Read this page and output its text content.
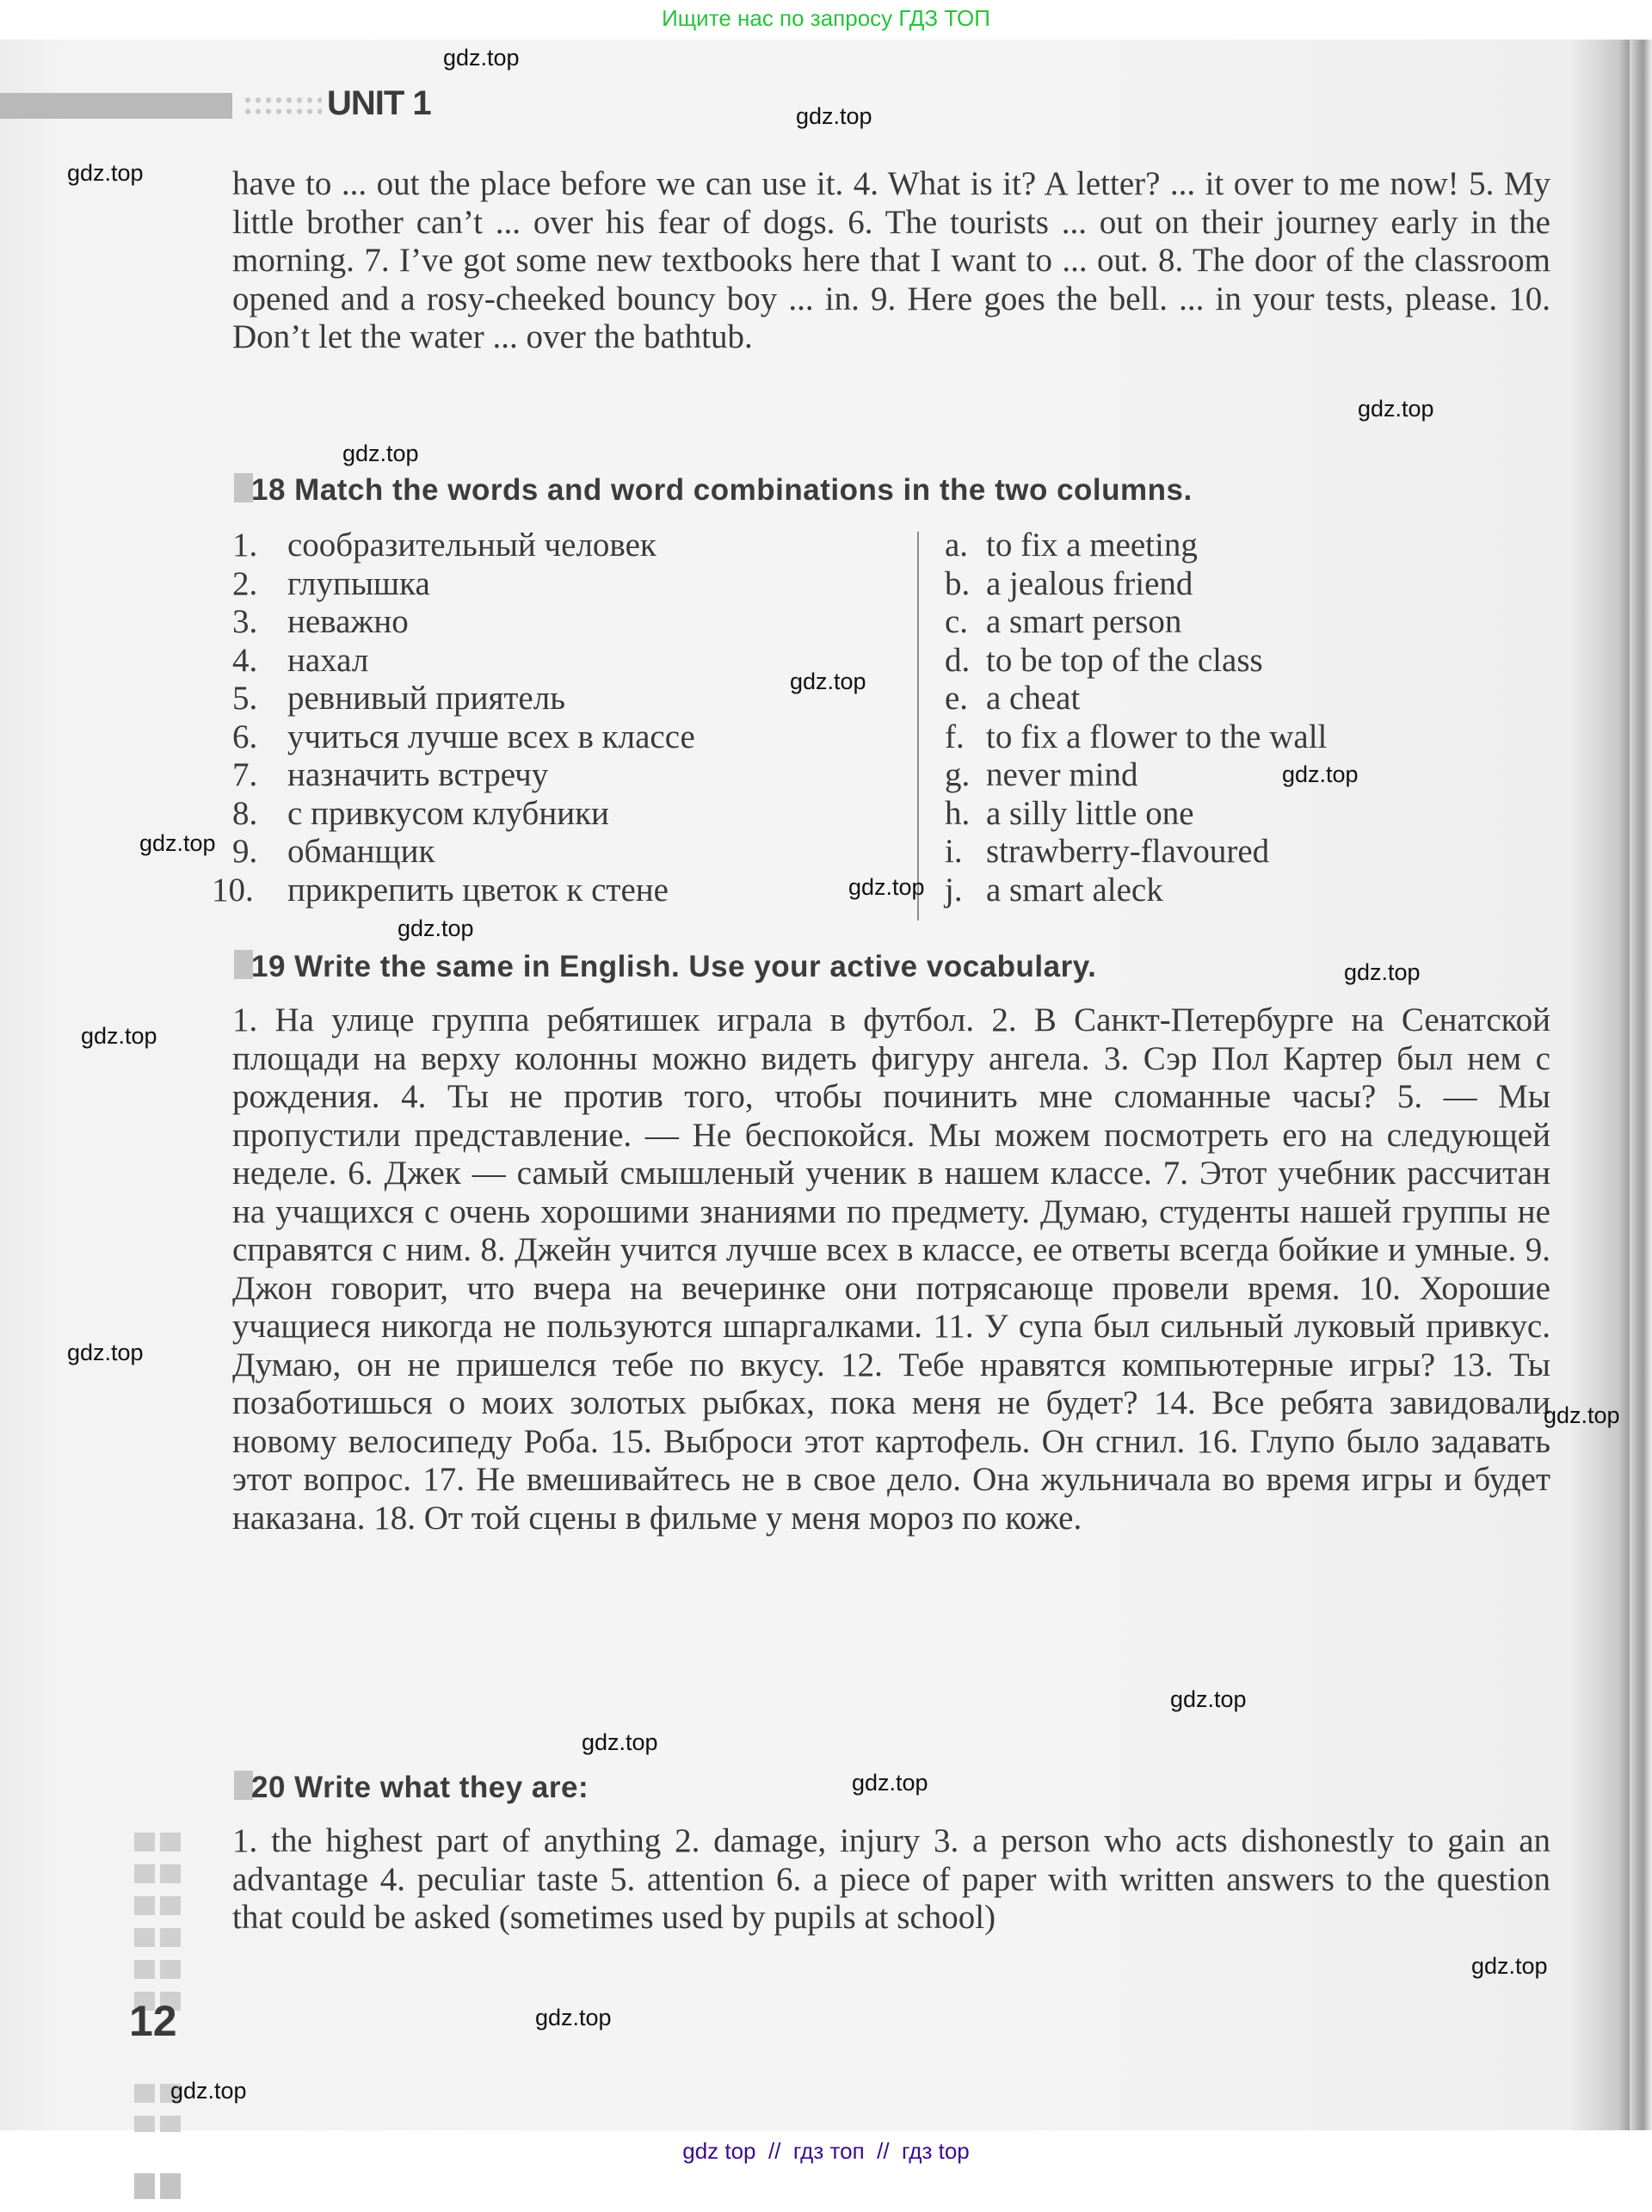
Ищите нас по запросу ГДЗ ТОП
UNIT 1
have to ... out the place before we can use it. 4. What is it? A letter? ... it over to me now! 5. My little brother can’t ... over his fear of dogs. 6. The tourists ... out on their journey early in the morning. 7. I’ve got some new textbooks here that I want to ... out. 8. The door of the classroom opened and a rosy-cheeked bouncy boy ... in. 9. Here goes the bell. ... in your tests, please. 10. Don’t let the water ... over the bathtub.
18 Match the words and word combinations in the two columns.
1. сообразительный человек
2. глупышка
3. неважно
4. нахал
5. ревнивый приятель
6. учиться лучше всех в классе
7. назначить встречу
8. с привкусом клубники
9. обманщик
10. прикрепить цветок к стене
a. to fix a meeting
b. a jealous friend
c. a smart person
d. to be top of the class
e. a cheat
f. to fix a flower to the wall
g. never mind
h. a silly little one
i. strawberry-flavoured
j. a smart aleck
19 Write the same in English. Use your active vocabulary.
1. На улице группа ребятишек играла в футбол. 2. В Санкт-Петербурге на Сенатской площади на верху колонны можно видеть фигуру ангела. 3. Сэр Пол Картер был нем с рождения. 4. Ты не против того, чтобы починить мне сломанные часы? 5. — Мы пропустили представление. — Не беспокойся. Мы можем посмотреть его на следующей неделе. 6. Джек — самый смышленый ученик в нашем классе. 7. Этот учебник рассчитан на учащихся с очень хорошими знаниями по предмету. Думаю, студенты нашей группы не справятся с ним. 8. Джейн учится лучше всех в классе, ее ответы всегда бойкие и умные. 9. Джон говорит, что вчера на вечеринке они потрясающе провели время. 10. Хорошие учащиеся никогда не пользуются шпаргалками. 11. У супа был сильный луковый привкус. Думаю, он не пришелся тебе по вкусу. 12. Тебе нравятся компьютерные игры? 13. Ты позаботишься о моих золотых рыбках, пока меня не будет? 14. Все ребята завидовали новому велосипеду Роба. 15. Выброси этот картофель. Он сгнил. 16. Глупо было задавать этот вопрос. 17. Не вмешивайтесь не в свое дело. Она жульничала во время игры и будет наказана. 18. От той сцены в фильме у меня мороз по коже.
20 Write what they are:
1. the highest part of anything 2. damage, injury 3. a person who acts dishonestly to gain an advantage 4. peculiar taste 5. attention 6. a piece of paper with written answers to the question that could be asked (sometimes used by pupils at school)

12
gdz.top
gdz.top
gdz.top
gdz.top
gdz.top
gdz.top
gdz.top
gdz.top
gdz.top
gdz.top
gdz.top
gdz.top
gdz.top
gdz.top
gdz.top
gdz.top
gdz.top
gdz.top
gdz.top
gdz.top
gdz top  //  гдз топ  //  гдз top
